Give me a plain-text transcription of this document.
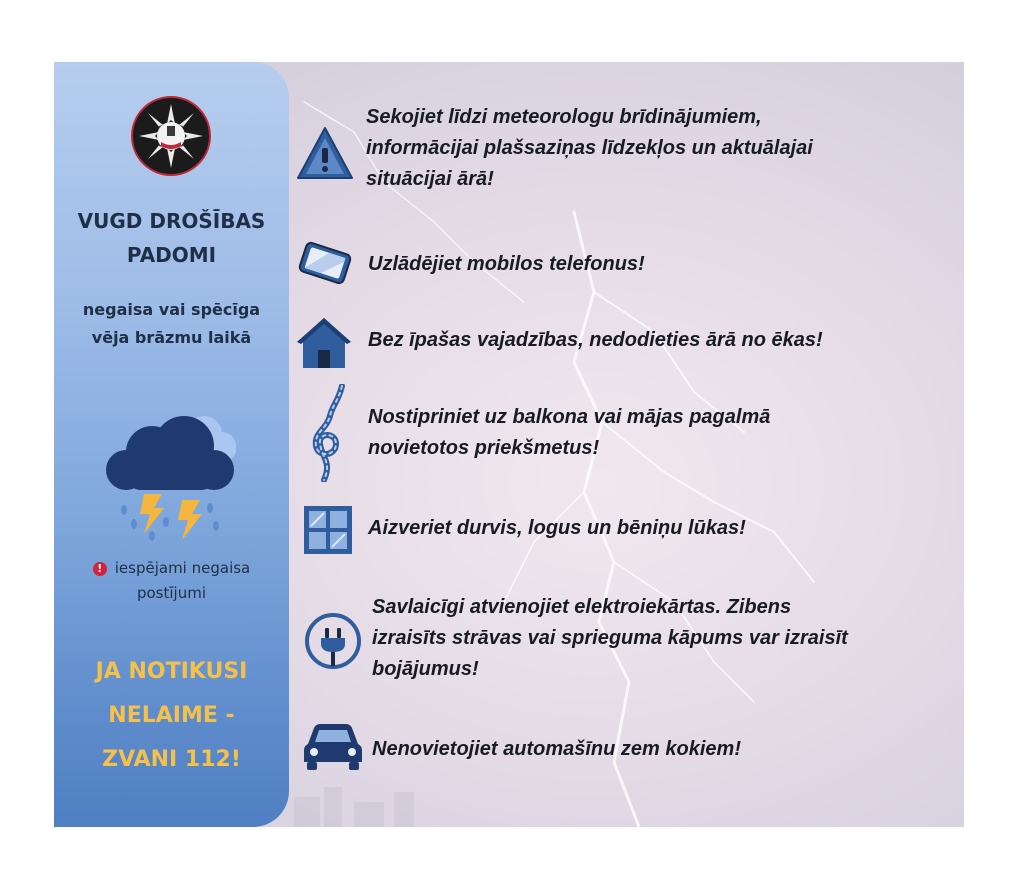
VUGD DROŠĪBAS
PADOMI
negaisa vai spēcīga
vēja brāzmu laikā
! iespējami negaisa
postījumi
JA NOTIKUSI
NELAIME -
ZVANI 112!
Sekojiet līdzi meteorologu brīdinājumiem,
informācijai plašsaziņas līdzekļos un aktuālajai
situācijai ārā!
Uzlādējiet mobilos telefonus!
Bez īpašas vajadzības, nedodieties ārā no ēkas!
Nostipriniet uz balkona vai mājas pagalmā
novietotos priekšmetus!
Aizveriet durvis, logus un bēniņu lūkas!
Savlaicīgi atvienojiet elektroiekārtas. Zibens
izraisīts strāvas vai sprieguma kāpums var izraisīt
bojājumus!
Nenovietojiet automašīnu zem kokiem!
